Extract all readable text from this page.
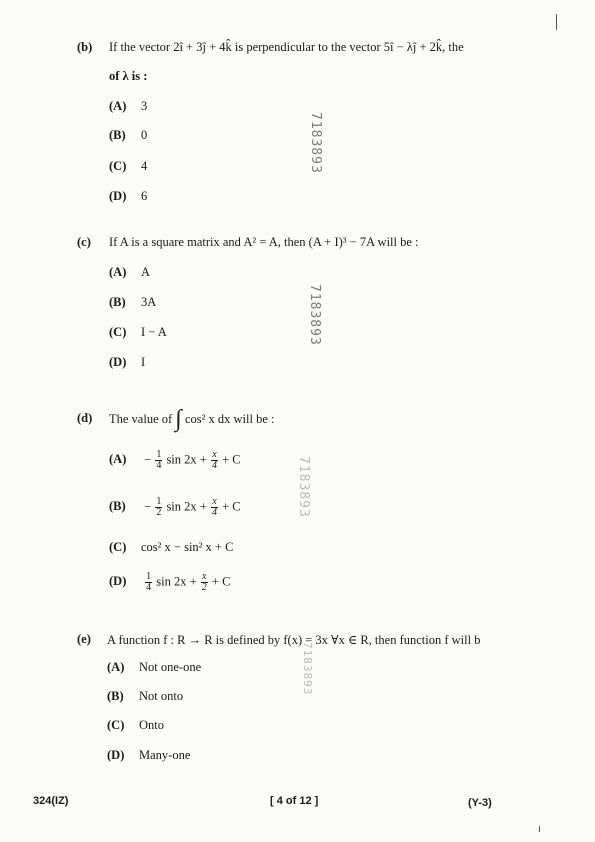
(b) If the vector 2î + 3ĵ + 4k̂ is perpendicular to the vector 5î − λĵ + 2k̂, the
of λ is :
(A) 3
(B) 0
(C) 4
(D) 6
(c) If A is a square matrix and A² = A, then (A + I)³ − 7A will be :
(A) A
(B) 3A
(C) I − A
(D) I
(d) The value of ∫ cos² x dx will be :
$(A) - \frac{1}{4}$ $\sin 2x + \frac{x}{4} + C$
$(B) - \frac{1}{2}$ $\sin 2x + \frac{x}{4} + C$
(C) cos² x − sin² x + C
$(D) \frac{1}{4}$ $\sin 2x + \frac{x}{2} + C$
(e) A function f : R → R is defined by f(x) = 3x ∀x ∈ R, then function f will b
(A) Not one-one
(B) Not onto
(C) Onto
(D) Many-one
7183893
7183893
7183893
7183893
324(IZ)	[ 4 of 12 ]	(Y-3)
